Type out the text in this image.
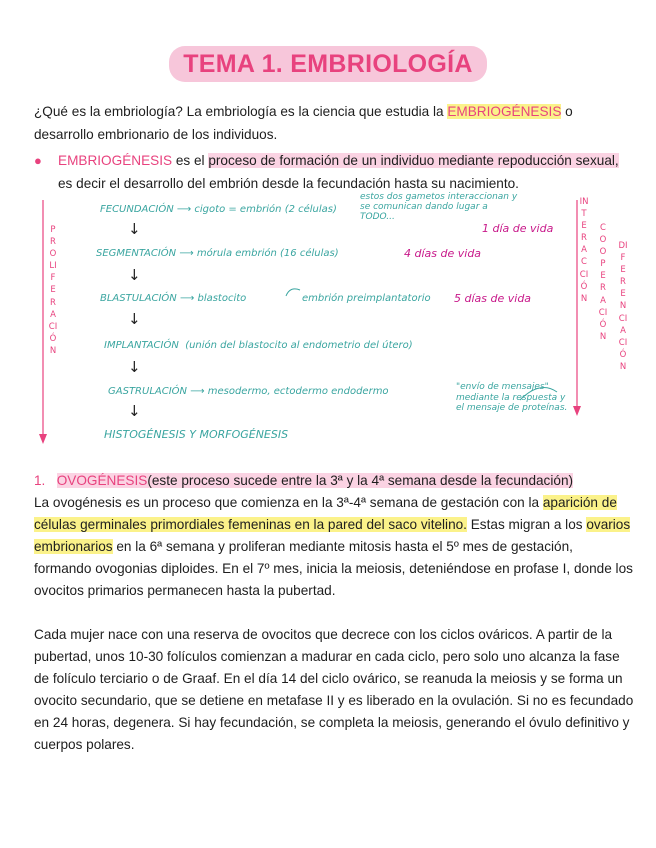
TEMA 1. EMBRIOLOGÍA
¿Qué es la embriología? La embriología es la ciencia que estudia la EMBRIOGÉNESIS o desarrollo embrionario de los individuos.
● EMBRIOGÉNESIS es el proceso de formación de un individuo mediante repoducción sexual, es decir el desarrollo del embrión desde la fecundación hasta su nacimiento.
PROLIFERACIÓN
INTERACCIÓN
COOPERACIÓN
DIFERENCIACIÓN
FECUNDACIÓN ⟶ cigoto = embrión (2 células)
estos dos gametos interaccionan y se comunican dando lugar a TODO...
1 día de vida
↓
SEGMENTACIÓN ⟶ mórula embrión (16 células)	4 días de vida
↓
BLASTULACIÓN ⟶ blastocito	embrión preimplantatorio 5 días de vida
↓
IMPLANTACIÓN (unión del blastocito al endometrio del útero)
↓
GASTRULACIÓN ⟶ mesodermo, ectodermo endodermo
↓
HISTOGÉNESIS Y MORFOGÉNESIS
"envío de mensajes" mediante la respuesta y el mensaje de proteínas.
1. OVOGÉNESIS(este proceso sucede entre la 3ª y la 4ª semana desde la fecundación)
La ovogénesis es un proceso que comienza en la 3ª-4ª semana de gestación con la aparición de células germinales primordiales femeninas en la pared del saco vitelino. Estas migran a los ovarios embrionarios en la 6ª semana y proliferan mediante mitosis hasta el 5º mes de gestación, formando ovogonias diploides. En el 7º mes, inicia la meiosis, deteniéndose en profase I, donde los ovocitos primarios permanecen hasta la pubertad.
Cada mujer nace con una reserva de ovocitos que decrece con los ciclos ováricos. A partir de la pubertad, unos 10-30 folículos comienzan a madurar en cada ciclo, pero solo uno alcanza la fase de folículo terciario o de Graaf. En el día 14 del ciclo ovárico, se reanuda la meiosis y se forma un ovocito secundario, que se detiene en metafase II y es liberado en la ovulación. Si no es fecundado en 24 horas, degenera. Si hay fecundación, se completa la meiosis, generando el óvulo definitivo y cuerpos polares.
